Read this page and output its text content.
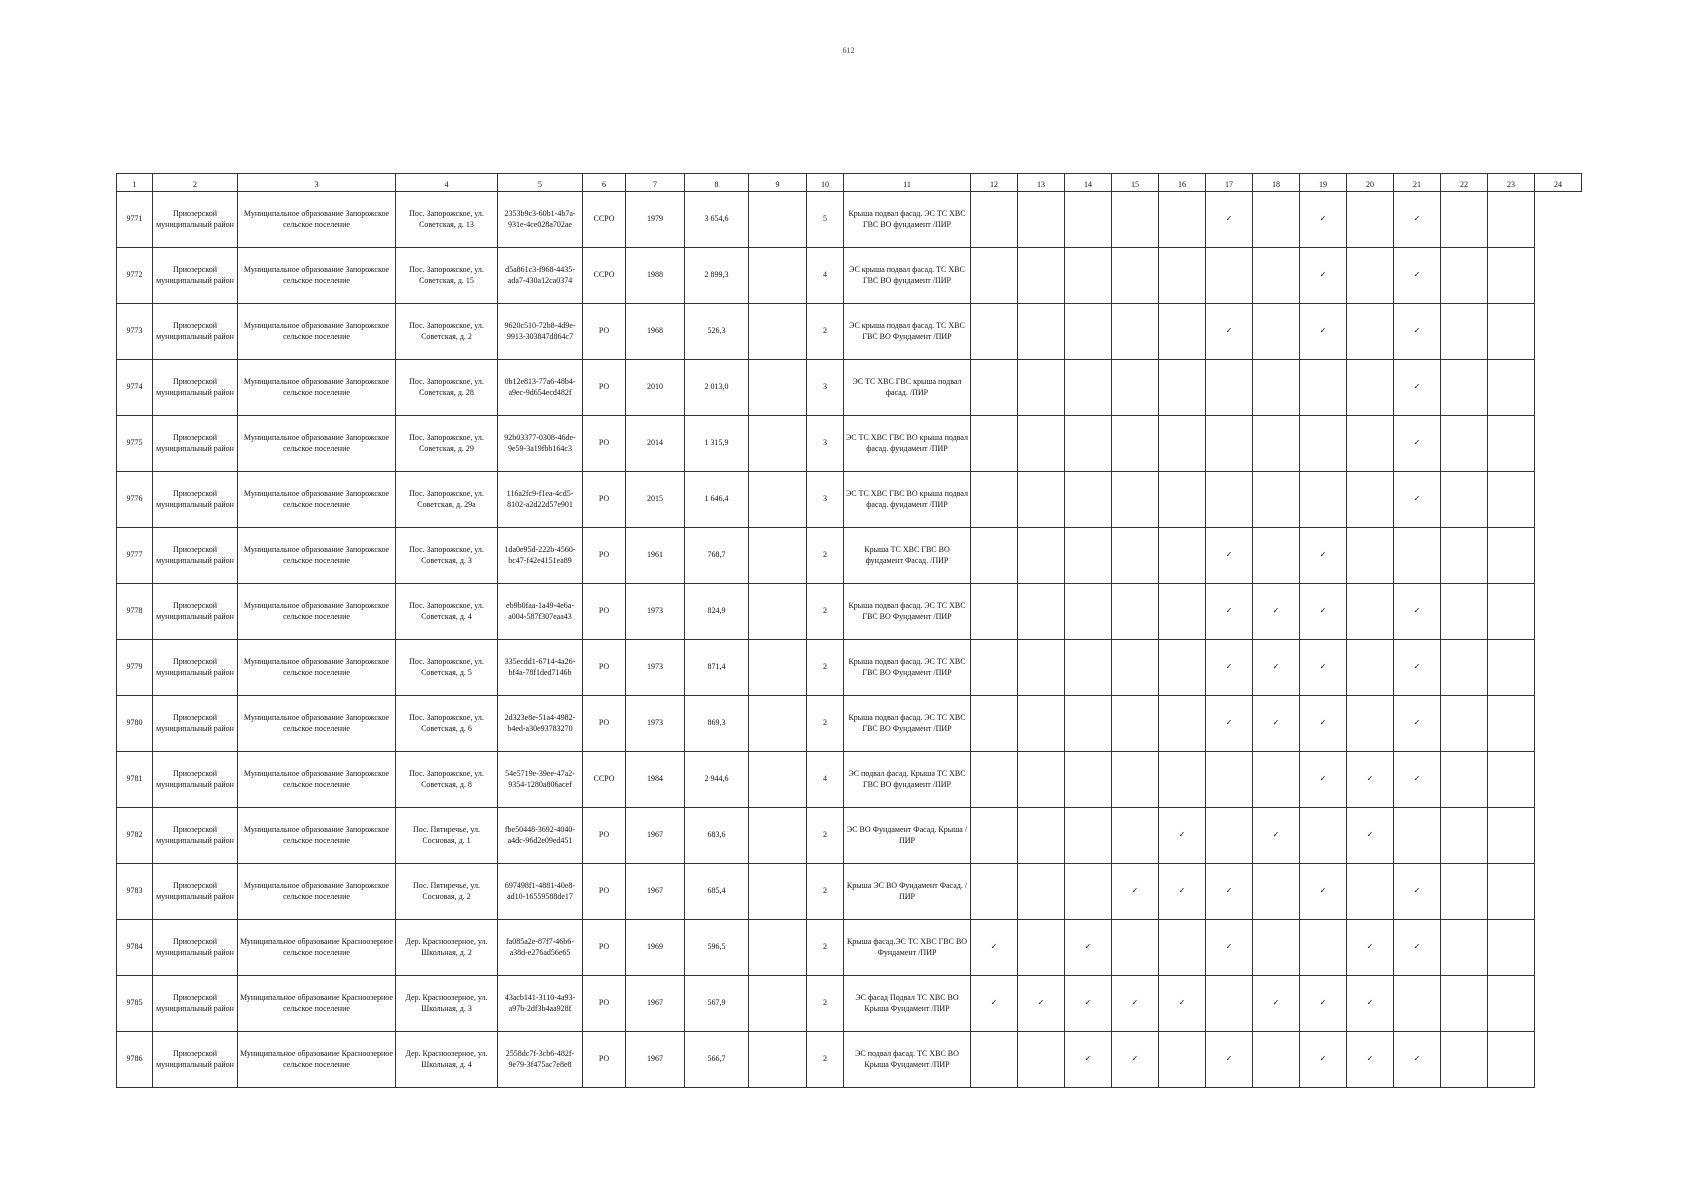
612
1	2	3	4	5	6	7	8	9	10	11	12	13	14	15	16	17	18	19	20	21	22	23	24
9771	Приозерской муниципальный район	Муниципальное образование Запорожское сельское поселение	Пос. Запорожское, ул. Советская, д. 13	2353b9c3-60b1-4b7a-931e-4ce028a702ae	ССРО	1979	3 654,6		5	Крыша подвал фасад. ЭС ТС ХВС ГВС ВО фундамент /ПИР						✓		✓		✓			
9772	Приозерской муниципальный район	Муниципальное образование Запорожское сельское поселение	Пос. Запорожское, ул. Советская, д. 15	d5a861c3-f968-4435-ada7-430a12ca0374	ССРО	1988	2 899,3		4	ЭС крыша подвал фасад. ТС ХВС ГВС ВО фундамент /ПИР								✓		✓			
9773	Приозерской муниципальный район	Муниципальное образование Запорожское сельское поселение	Пос. Запорожское, ул. Советская, д. 2	9620c510-72b8-4d9e-9913-303847d864c7	РО	1968	526,3		2	ЭС крыша подвал фасад. ТС ХВС ГВС ВО Фундамент /ПИР						✓		✓		✓			
9774	Приозерской муниципальный район	Муниципальное образование Запорожское сельское поселение	Пос. Запорожское, ул. Советская, д. 28	0b12e813-77a6-48b4-a9ec-9d654ecd482f	РО	2010	2 013,0		3	ЭС ТС ХВС ГВС крыша подвал фасад. /ПИР										✓			
9775	Приозерской муниципальный район	Муниципальное образование Запорожское сельское поселение	Пос. Запорожское, ул. Советская, д. 29	92b03377-0308-46de-9e59-3a19fbb164c3	РО	2014	1 315,9		3	ЭС ТС ХВС ГВС ВО крыша подвал фасад. фундамент /ПИР										✓			
9776	Приозерской муниципальный район	Муниципальное образование Запорожское сельское поселение	Пос. Запорожское, ул. Советская, д. 29а	116a2fc9-f1ea-4cd5-8102-a2d22d57e901	РО	2015	1 646,4		3	ЭС ТС ХВС ГВС ВО крыша подвал фасад. фундамент /ПИР										✓			
9777	Приозерской муниципальный район	Муниципальное образование Запорожское сельское поселение	Пос. Запорожское, ул. Советская, д. 3	1da0e95d-222b-4560-bc47-f42e4151ea89	РО	1961	768,7		2	Крыша ТС ХВС ГВС ВО фундамент Фасад. /ПИР						✓		✓					
9778	Приозерской муниципальный район	Муниципальное образование Запорожское сельское поселение	Пос. Запорожское, ул. Советская, д. 4	eb9b0faa-1a49-4e6a-a004-587f307eaa43	РО	1973	824,9		2	Крыша подвал фасад. ЭС ТС ХВС ГВС ВО Фундамент /ПИР						✓	✓	✓		✓			
9779	Приозерской муниципальный район	Муниципальное образование Запорожское сельское поселение	Пос. Запорожское, ул. Советская, д. 5	335ecdd1-6714-4a26-bf4a-78f1ded7146b	РО	1973	871,4		2	Крыша подвал фасад. ЭС ТС ХВС ГВС ВО Фундамент /ПИР						✓	✓	✓		✓			
9780	Приозерской муниципальный район	Муниципальное образование Запорожское сельское поселение	Пос. Запорожское, ул. Советская, д. 6	2d323e8e-51a4-4982-b4ed-a30e93783270	РО	1973	869,3		2	Крыша подвал фасад. ЭС ТС ХВС ГВС ВО Фундамент /ПИР						✓	✓	✓		✓			
9781	Приозерской муниципальный район	Муниципальное образование Запорожское сельское поселение	Пос. Запорожское, ул. Советская, д. 8	54e5719e-39ee-47a2-9354-1280a806acef	ССРО	1984	2 944,6		4	ЭС подвал фасад. Крыша ТС ХВС ГВС ВО фундамент /ПИР								✓	✓	✓			
9782	Приозерской муниципальный район	Муниципальное образование Запорожское сельское поселение	Пос. Пятиречье, ул. Сосновая, д. 1	fbe50448-3692-4040-a4dc-96d2e09ed451	РО	1967	683,6		2	ЭС ВО Фундамент Фасад. Крыша /ПИР					✓		✓		✓				
9783	Приозерской муниципальный район	Муниципальное образование Запорожское сельское поселение	Пос. Пятиречье, ул. Сосновая, д. 2	697498f1-4881-40e8-ad10-16559588de17	РО	1967	685,4		2	Крыша ЭС ВО Фундамент Фасад. /ПИР				✓	✓	✓		✓		✓			
9784	Приозерской муниципальный район	Муниципальное образование Красноозерное сельское поселение	Дер. Красноозерное, ул. Школьная, д. 2	fa085a2e-87f7-46b6-a38d-e276ad56e65	РО	1969	596,5		2	Крыша фасад.ЭС ТС ХВС ГВС ВО Фундамент /ПИР	✓		✓			✓			✓	✓			
9785	Приозерской муниципальный район	Муниципальное образование Красноозерное сельское поселение	Дер. Красноозерное, ул. Школьная, д. 3	43acb141-3110-4a93-a97b-2df3b4aa928f	РО	1967	567,9		2	ЭС фасад Подвал ТС ХВС ВО Крыша Фундамент /ПИР	✓	✓	✓	✓	✓		✓	✓	✓				
9786	Приозерской муниципальный район	Муниципальное образование Красноозерное сельское поселение	Дер. Красноозерное, ул. Школьная, д. 4	2558dc7f-3cb6-482f-9e79-3f475ac7e8e8	РО	1967	566,7		2	ЭС подвал фасад. ТС ХВС ВО Крыша Фундамент /ПИР			✓	✓		✓		✓	✓	✓			
